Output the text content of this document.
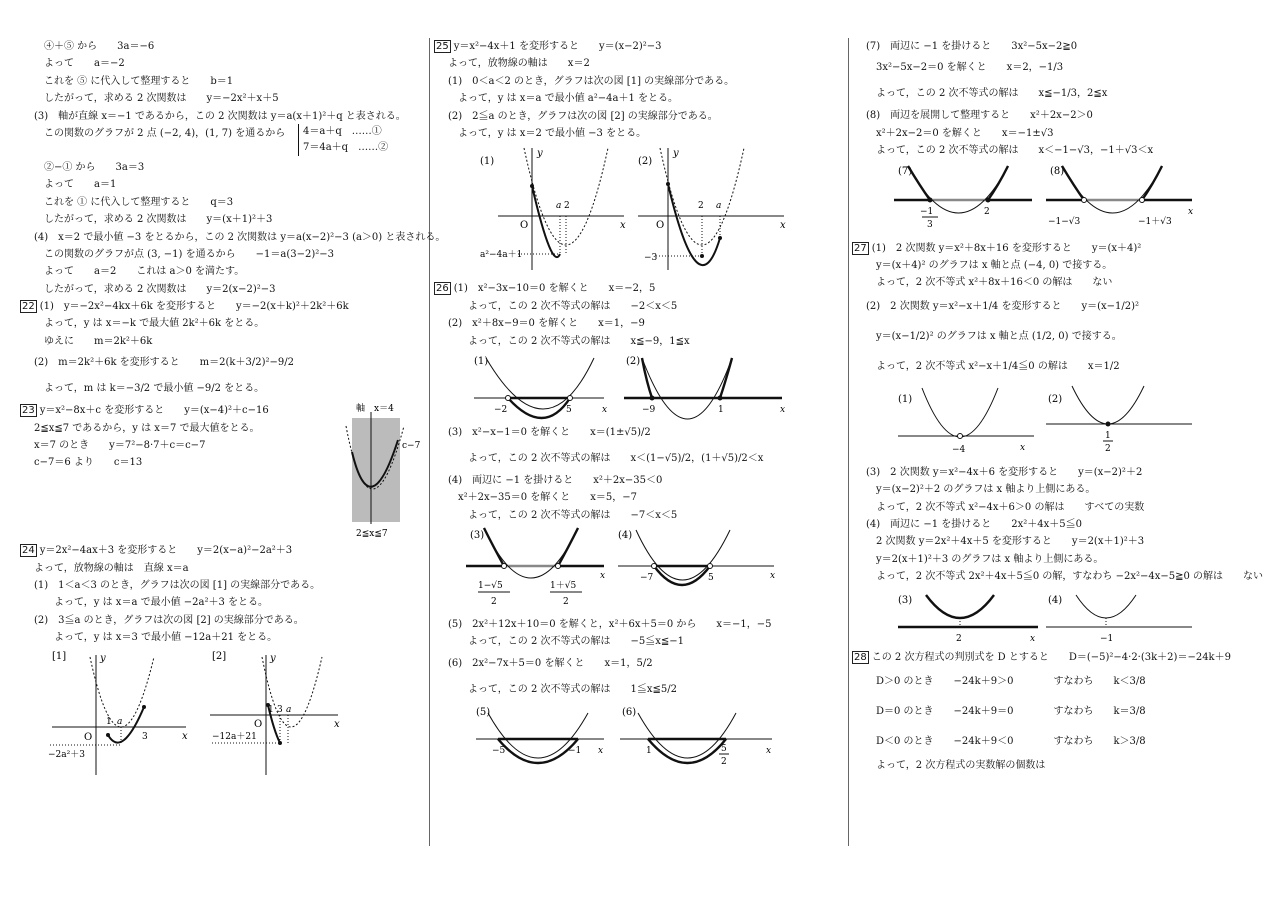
④＋⑤ から　　3a＝−6
よって　　a＝−2
これを ⑤ に代入して整理すると　　b＝1
したがって，求める 2 次関数は　　y＝−2x²＋x＋5
(3)　軸が直線 x＝−1 であるから，この 2 次関数は y＝a(x＋1)²＋q と表される。
この関数のグラフが 2 点 (−2, 4)，(1, 7) を通るから 4＝a＋q　……①
7＝4a＋q　……②
②−① から　　3a＝3
よって　　a＝1
これを ① に代入して整理すると　　q＝3
したがって，求める 2 次関数は　　y＝(x＋1)²＋3
(4)　x＝2 で最小値 −3 をとるから，この 2 次関数は y＝a(x−2)²−3 (a＞0) と表される。
この関数のグラフが点 (3, −1) を通るから　　−1＝a(3−2)²−3
よって　　a＝2　　これは a＞0 を満たす。
したがって，求める 2 次関数は　　y＝2(x−2)²−3
22 (1)　y＝−2x²−4kx＋6k を変形すると　　y＝−2(x＋k)²＋2k²＋6k
よって，y は x＝−k で最大値 2k²＋6k をとる。
ゆえに　　m＝2k²＋6k
(2)　m＝2k²＋6k を変形すると　　m＝2(k＋3/2)²−9/2
よって，m は k＝−3/2 で最小値 −9/2 をとる。
23 y＝x²−8x＋c を変形すると　　y＝(x−4)²＋c−16
2≦x≦7 であるから，y は x＝7 で最大値をとる。
x＝7 のとき　　y＝7²−8·7＋c＝c−7
c−7＝6 より　　c＝13
軸　x＝4
c−7
2≦x≦7
24 y＝2x²−4ax＋3 を変形すると　　y＝2(x−a)²−2a²＋3
よって，放物線の軸は　直線 x＝a
(1)　1＜a＜3 のとき，グラフは次の図 [1] の実線部分である。
よって，y は x＝a で最小値 −2a²＋3 をとる。
(2)　3≦a のとき，グラフは次の図 [2] の実線部分である。
よって，y は x＝3 で最小値 −12a＋21 をとる。
[1]	y
x
O
1 a
3
−2a²＋3
[2]	y
x
O
1 3 a
−12a＋21
25 y＝x²−4x＋1 を変形すると　　y＝(x−2)²−3
よって，放物線の軸は　　x＝2
(1)　0＜a＜2 のとき，グラフは次の図 [1] の実線部分である。
よって，y は x＝a で最小値 a²−4a＋1 をとる。
(2)　2≦a のとき，グラフは次の図 [2] の実線部分である。
よって，y は x＝2 で最小値 −3 をとる。
(1)
y
x
O
a 2
a²−4a＋1
(2)
y
x
O
2 a
−3
26 (1)　x²−3x−10＝0 を解くと　　x＝−2，5
よって，この 2 次不等式の解は　　−2＜x＜5
(2)　x²＋8x−9＝0 を解くと　　x＝1，−9
よって，この 2 次不等式の解は　　x≦−9，1≦x
(1)
−2	5	x
(2)
−9	1	x
(3)　x²−x−1＝0 を解くと　　x＝(1±√5)/2
よって，この 2 次不等式の解は　　x＜(1−√5)/2，(1＋√5)/2＜x
(4)　両辺に −1 を掛けると　　x²＋2x−35＜0
x²＋2x−35＝0 を解くと　　x＝5，−7
よって，この 2 次不等式の解は　　−7＜x＜5
(3)
1−√5
2
1＋√5
2
x
(4)
−7	5	x
(5)　2x²＋12x＋10＝0 を解くと，x²＋6x＋5＝0 から　　x＝−1，−5
よって，この 2 次不等式の解は　　−5≦x≦−1
(6)　2x²−7x＋5＝0 を解くと　　x＝1，5/2
よって，この 2 次不等式の解は　　1≦x≦5/2
(5)
−5	−1 x
(6)
1	5
2
x
(7)　両辺に −1 を掛けると　　3x²−5x−2≧0
3x²−5x−2＝0 を解くと　　x＝2，−1/3
よって，この 2 次不等式の解は　　x≦−1/3，2≦x
(8)　両辺を展開して整理すると　　x²＋2x−2＞0
x²＋2x−2＝0 を解くと　　x＝−1±√3
よって，この 2 次不等式の解は　　x＜−1−√3，−1＋√3＜x
(7)
−1
3
2
(8)
−1−√3	−1＋√3
x
27 (1)　2 次関数 y＝x²＋8x＋16 を変形すると　　y＝(x＋4)²
y＝(x＋4)² のグラフは x 軸と点 (−4, 0) で接する。
よって，2 次不等式 x²＋8x＋16＜0 の解は　　ない
(2)　2 次関数 y＝x²−x＋1/4 を変形すると　　y＝(x−1/2)²
y＝(x−1/2)² のグラフは x 軸と点 (1/2, 0) で接する。
よって，2 次不等式 x²−x＋1/4≦0 の解は　　x＝1/2
(1)
−4	x
(2)
1
2
(3)　2 次関数 y＝x²−4x＋6 を変形すると　　y＝(x−2)²＋2
y＝(x−2)²＋2 のグラフは x 軸より上側にある。
よって，2 次不等式 x²−4x＋6＞0 の解は　　すべての実数
(4)　両辺に −1 を掛けると　　2x²＋4x＋5≦0
2 次関数 y＝2x²＋4x＋5 を変形すると　　y＝2(x＋1)²＋3
y＝2(x＋1)²＋3 のグラフは x 軸より上側にある。
よって，2 次不等式 2x²＋4x＋5≦0 の解，すなわち −2x²−4x−5≧0 の解は　　ない
(3)
2	x
(4)
−1
28 この 2 次方程式の判別式を D とすると　　D＝(−5)²−4·2·(3k＋2)＝−24k＋9
D＞0 のとき　　−24k＋9＞0　　　　すなわち　　k＜3/8
D＝0 のとき　　−24k＋9＝0　　　　すなわち　　k＝3/8
D＜0 のとき　　−24k＋9＜0　　　　すなわち　　k＞3/8
よって，2 次方程式の実数解の個数は
